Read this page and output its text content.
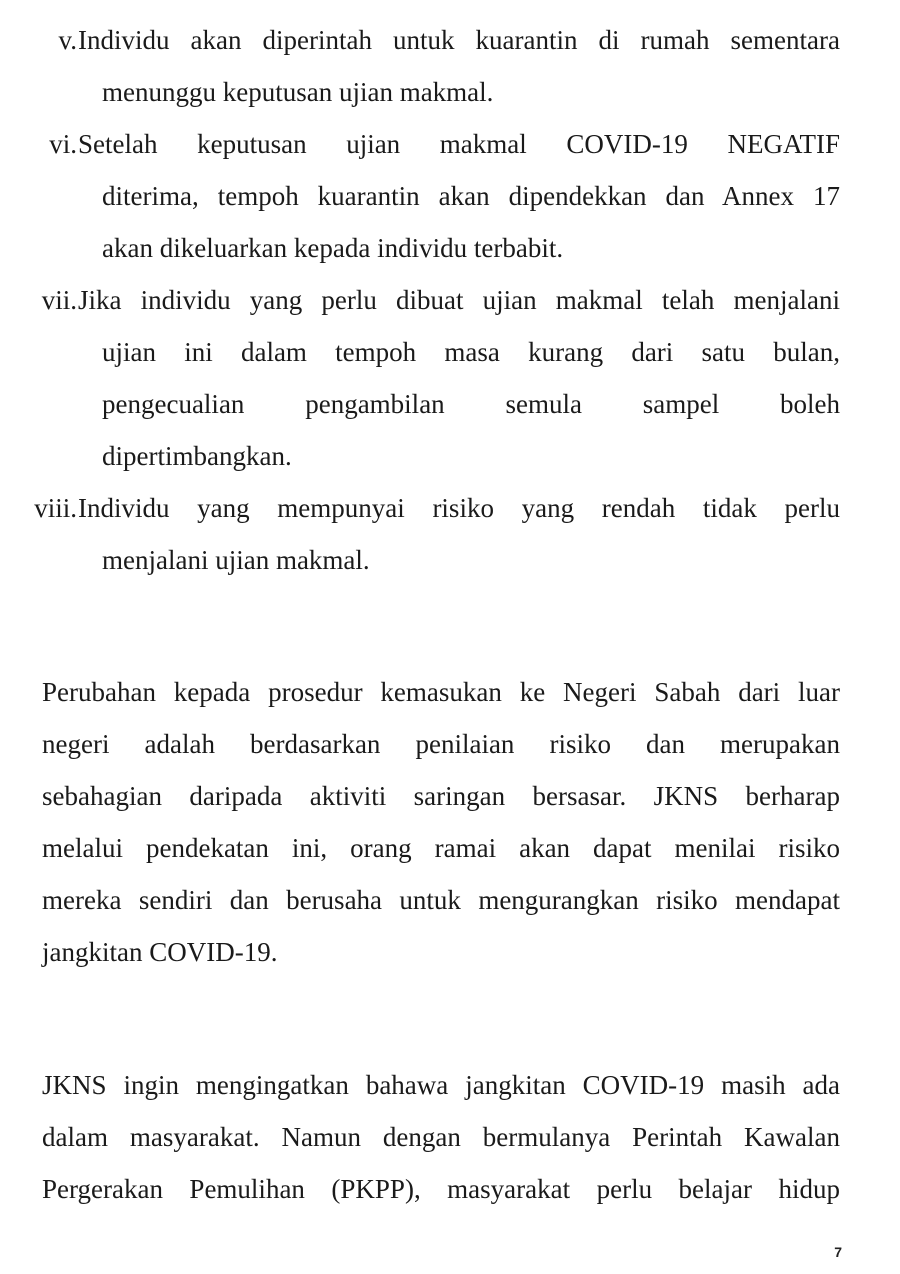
v. Individu akan diperintah untuk kuarantin di rumah sementara
menunggu keputusan ujian makmal.
vi. Setelah keputusan ujian makmal COVID-19 NEGATIF
diterima, tempoh kuarantin akan dipendekkan dan Annex 17
akan dikeluarkan kepada individu terbabit.
vii. Jika individu yang perlu dibuat ujian makmal telah menjalani
ujian ini dalam tempoh masa kurang dari satu bulan,
pengecualian pengambilan semula sampel boleh
dipertimbangkan.
viii. Individu yang mempunyai risiko yang rendah tidak perlu
menjalani ujian makmal.
Perubahan kepada prosedur kemasukan ke Negeri Sabah dari luar
negeri adalah berdasarkan penilaian risiko dan merupakan
sebahagian daripada aktiviti saringan bersasar. JKNS berharap
melalui pendekatan ini, orang ramai akan dapat menilai risiko
mereka sendiri dan berusaha untuk mengurangkan risiko mendapat
jangkitan COVID-19.
JKNS ingin mengingatkan bahawa jangkitan COVID-19 masih ada
dalam masyarakat. Namun dengan bermulanya Perintah Kawalan
Pergerakan Pemulihan (PKPP), masyarakat perlu belajar hidup
7
